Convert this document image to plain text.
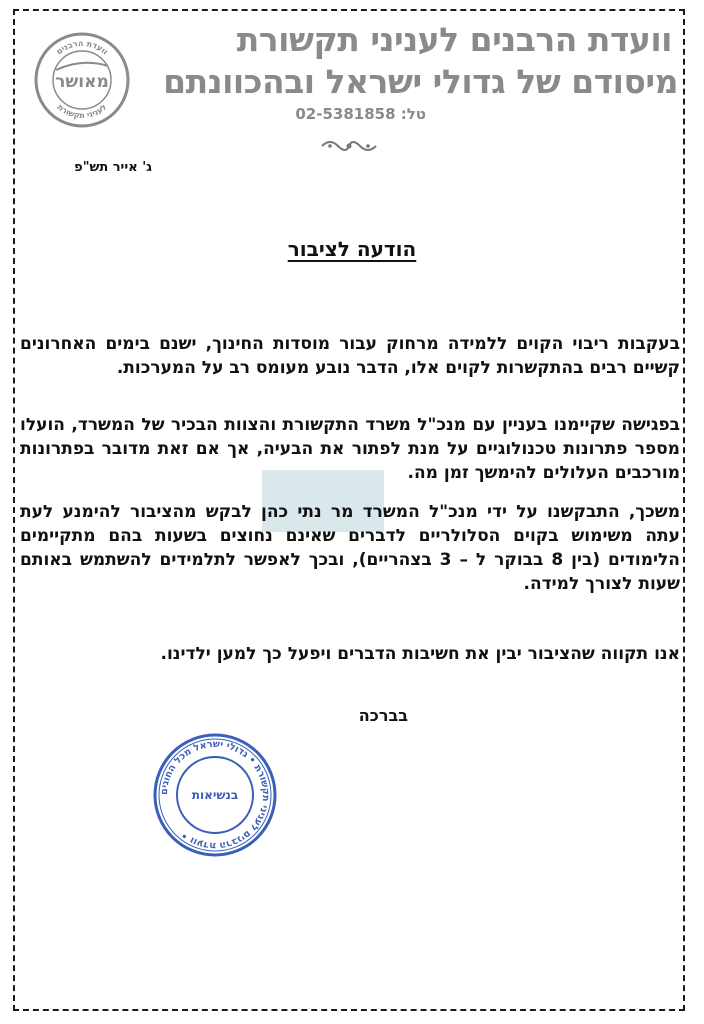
וועדת הרבנים
לעניני תקשורת
מאושר
וועדת הרבנים לעניני תקשורת
מיסודם של גדולי ישראל ובהכוונתם
טל: 02-5381858
ג' אייר תש"פ
הודעה לציבור
בעקבות ריבוי הקוים ללמידה מרחוק עבור מוסדות החינוך, ישנם בימים האחרונים קשיים רבים בהתקשרות לקוים אלו, הדבר נובע מעומס רב על המערכות.
בפגישה שקיימנו בעניין עם מנכ"ל משרד התקשורת והצוות הבכיר של המשרד, הועלו מספר פתרונות טכנולוגיים על מנת לפתור את הבעיה, אך אם זאת מדובר בפתרונות מורכבים העלולים להימשך זמן מה.
משכך, התבקשנו על ידי מנכ"ל המשרד מר נתי כהן לבקש מהציבור להימנע לעת עתה משימוש בקוים הסלולריים לדברים שאינם נחוצים בשעות בהם מתקיימים הלימודים (בין 8 בבוקר ל – 3 בצהריים), ובכך לאפשר לתלמידים להשתמש באותם שעות לצורך למידה.
אנו תקווה שהציבור יבין את חשיבות הדברים ויפעל כך למען ילדינו.
בברכה
וועדת הרבנים לעניני תקשורת • גדולי ישראל מכל החוגים •
בנשיאות
